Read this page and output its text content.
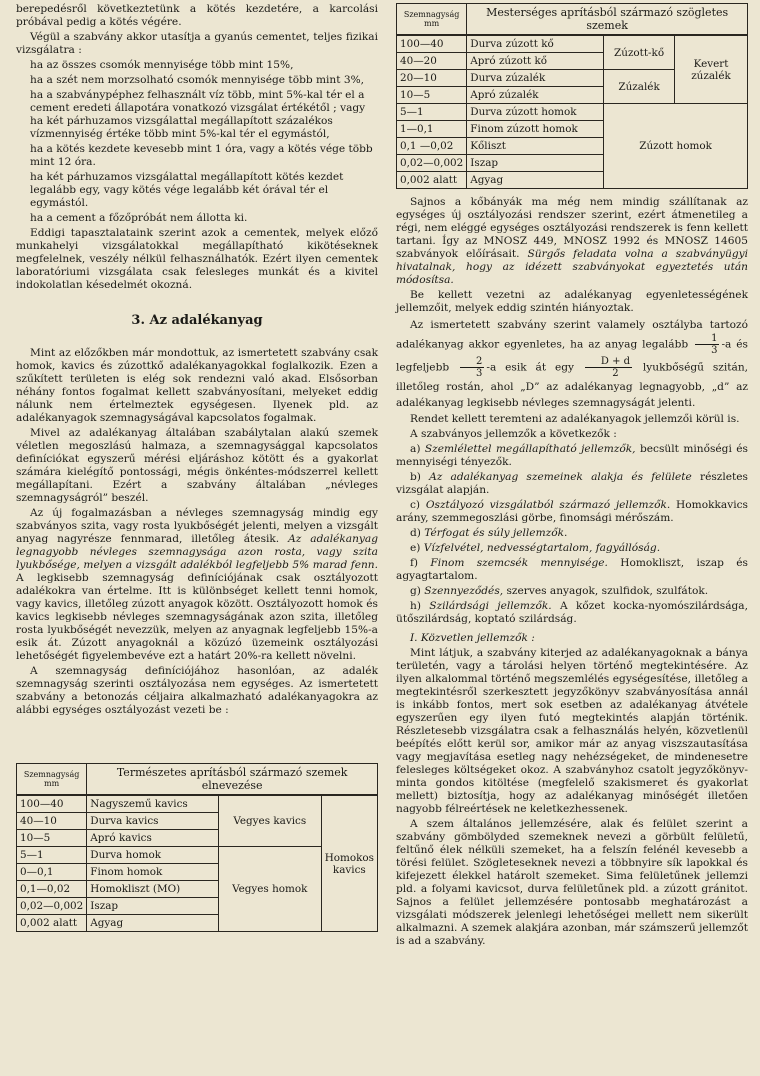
berepedésről következtetünk a kötés kezdetére, a karcolási próbával pedig a kötés végére.

Végül a szabvány akkor utasítja a gyanús cementet, teljes fizikai vizsgálatra :

ha az összes csomók mennyisége több mint 15%,

ha a szét nem morzsolható csomók mennyisége több mint 3%,

ha a szabványpéphez felhasznált víz több, mint 5%-kal tér el a cement eredeti állapotára vonatkozó vizsgálat értékétől ; vagy ha két párhuzamos vizsgálattal megállapított százalékos vízmennyiség értéke több mint 5%-kal tér el egymástól,

ha a kötés kezdete kevesebb mint 1 óra, vagy a kötés vége több mint 12 óra.

ha két párhuzamos vizsgálattal megállapított kötés kezdet legalább egy, vagy kötés vége legalább két órával tér el egymástól.

ha a cement a főzőpróbát nem állotta ki.

Eddigi tapasztalataink szerint azok a cementek, melyek előző munkahelyi vizsgálatokkal megállapítható kikötéseknek megfelelnek, veszély nélkül felhasználhatók. Ezért ilyen cementek laboratóriumi vizsgálata csak felesleges munkát és a kivitel indokolatlan késedelmét okozná.

3. Az adalékanyag

Mint az előzőkben már mondottuk, az ismertetett szabvány csak homok, kavics és zúzottkő adalékanyagokkal foglalkozik. Ezen a szűkített területen is elég sok rendezni való akad. Elsősorban néhány fontos fogalmat kellett szabványosítani, melyeket eddig nálunk nem értelmeztek egységesen. Ilyenek pld. az adalékanyagok szemnagyságával kapcsolatos fogalmak.

Mivel az adalékanyag általában szabálytalan alakú szemek véletlen megoszlású halmaza, a szemnagysággal kapcsolatos definíciókat egyszerű mérési eljáráshoz kötött és a gyakorlat számára kielégítő pontossági, mégis önkéntes-módszerrel kellett megállapítani. Ezért a szabvány általában „névleges szemnagyságról” beszél.

Az új fogalmazásban a névleges szemnagyság mindig egy szabványos szita, vagy rosta lyukbőségét jelenti, melyen a vizsgált anyag nagyrésze fennmarad, illetőleg átesik. Az adalékanyag legnagyobb névleges szemnagysága azon rosta, vagy szita lyukbősége, melyen a vizsgált adalékból legfeljebb 5% marad fenn. A legkisebb szemnagyság definíciójának csak osztályozott adalékokra van értelme. Itt is különbséget kellett tenni homok, vagy kavics, illetőleg zúzott anyagok között. Osztályozott homok és kavics legkisebb névleges szemnagyságának azon szita, illetőleg rosta lyukbőségét nevezzük, melyen az anyagnak legfeljebb 15%-a esik át. Zúzott anyagoknál a közúzó üzemeink osztályozási lehetőségét figyelembevéve ezt a határt 20%-ra kellett növelni.

A szemnagyság definíciójához hasonlóan, az adalék szemnagyság szerinti osztályozása nem egységes. Az ismertetett szabvány a betonozás céljaira alkalmazható adalékanyagokra az alábbi egységes osztályozást vezeti be :

Szemnagyság mm	Természetes aprításból származó szemek elnevezése		
100—40	Nagyszemű kavics	Vegyes kavics	Homokos kavics
40—10	Durva kavics		
10—5	Apró kavics		
5—1	Durva homok	Vegyes homok	
0—0,1	Finom homok		
0,1—0,02	Homokliszt (MO)		
0,02—0,002	Iszap		
0,002 alatt	Agyag		
Szemnagyság mm	Mesterséges aprításból származó szögletes szemek		
100—40	Durva zúzott kő	Zúzott-kő	Kevert zúzalék
40—20	Apró zúzott kő		
20—10	Durva zúzalék	Zúzalék	
10—5	Apró zúzalék		
5—1	Durva zúzott homok	Zúzott homok	
1—0,1	Finom zúzott homok		
0,1 —0,02	Kőliszt		
0,02—0,002	Iszap		
0,002 alatt	Agyag		

Sajnos a kőbányák ma még nem mindig szállítanak az egységes új osztályozási rendszer szerint, ezért átmenetileg a régi, nem eléggé egységes osztályozási rendszerek is fenn kellett tartani. Így az MNOSZ 449, MNOSZ 1992 és MNOSZ 14605 szabványok előírásait. Sürgős feladata volna a szabványügyi hivatalnak, hogy az idézett szabványokat egyeztetés után módosítsa.

Be kellett vezetni az adalékanyag egyenletességének jellemzőit, melyek eddig szintén hiányoztak.

Az ismertetett szabvány szerint valamely osztályba tartozó adalékanyag akkor egyenletes, ha az anyag legalább $\frac{1}{3} -a$ és legfeljebb $\frac{2}{3} -a$ esik át egy $\frac{D + d}{2}$ lyukbőségű szitán, illetőleg rostán, ahol „D” az adalékanyag legnagyobb, „d” az adalékanyag legkisebb névleges szemnagyságát jelenti.

Rendet kellett teremteni az adalékanyagok jellemzői körül is.

A szabványos jellemzők a következők :

a) Szemlélettel megállapítható jellemzők, becsült minőségi és mennyiségi tényezők.

b) Az adalékanyag szemeinek alakja és felülete részletes vizsgálat alapján.

c) Osztályozó vizsgálatból származó jellemzők. Homokkavics arány, szemmegoszlási görbe, finomsági mérőszám.

d) Térfogat és súly jellemzők.

e) Vízfelvétel, nedvességtartalom, fagyállóság.

f) Finom szemcsék mennyisége. Homokliszt, iszap és agyagtartalom.

g) Szennyeződés, szerves anyagok, szulfidok, szulfátok.

h) Szilárdsági jellemzők. A kőzet kocka-nyomószilárdsága, ütőszilárdság, koptató szilárdság.

I. Közvetlen jellemzők :

Mint látjuk, a szabvány kiterjed az adalékanyagoknak a bánya területén, vagy a tárolási helyen történő megtekintésére. Az ilyen alkalommal történő megszemlélés egységesítése, illetőleg a megtekintésről szerkesztett jegyzőkönyv szabványosítása annál is inkább fontos, mert sok esetben az adalékanyag átvétele egyszerűen egy ilyen futó megtekintés alapján történik. Részletesebb vizsgálatra csak a felhasználás helyén, közvetlenül beépítés előtt kerül sor, amikor már az anyag viszszautasítása vagy megjavítása esetleg nagy nehézségeket, de mindenesetre felesleges költségeket okoz. A szabványhoz csatolt jegyzőkönyv-minta gondos kitöltése (megfelelő szakismeret és gyakorlat mellett) biztosítja, hogy az adalékanyag minőségét illetően nagyobb félreértések ne keletkezhessenek.

A szem általános jellemzésére, alak és felület szerint a szabvány gömbölyded szemeknek nevezi a görbült felületű, feltűnő élek nélküli szemeket, ha a felszín felénél kevesebb a törési felület. Szögleteseknek nevezi a többnyire sík lapokkal és kifejezett élekkel határolt szemeket. Sima felületűnek jellemzi pld. a folyami kavicsot, durva felületűnek pld. a zúzott gránitot. Sajnos a felület jellemzésére pontosabb meghatározást a vizsgálati módszerek jelenlegi lehetőségei mellett nem sikerült alkalmazni. A szemek alakjára azonban, már számszerű jellemzőt is ad a szabvány.
